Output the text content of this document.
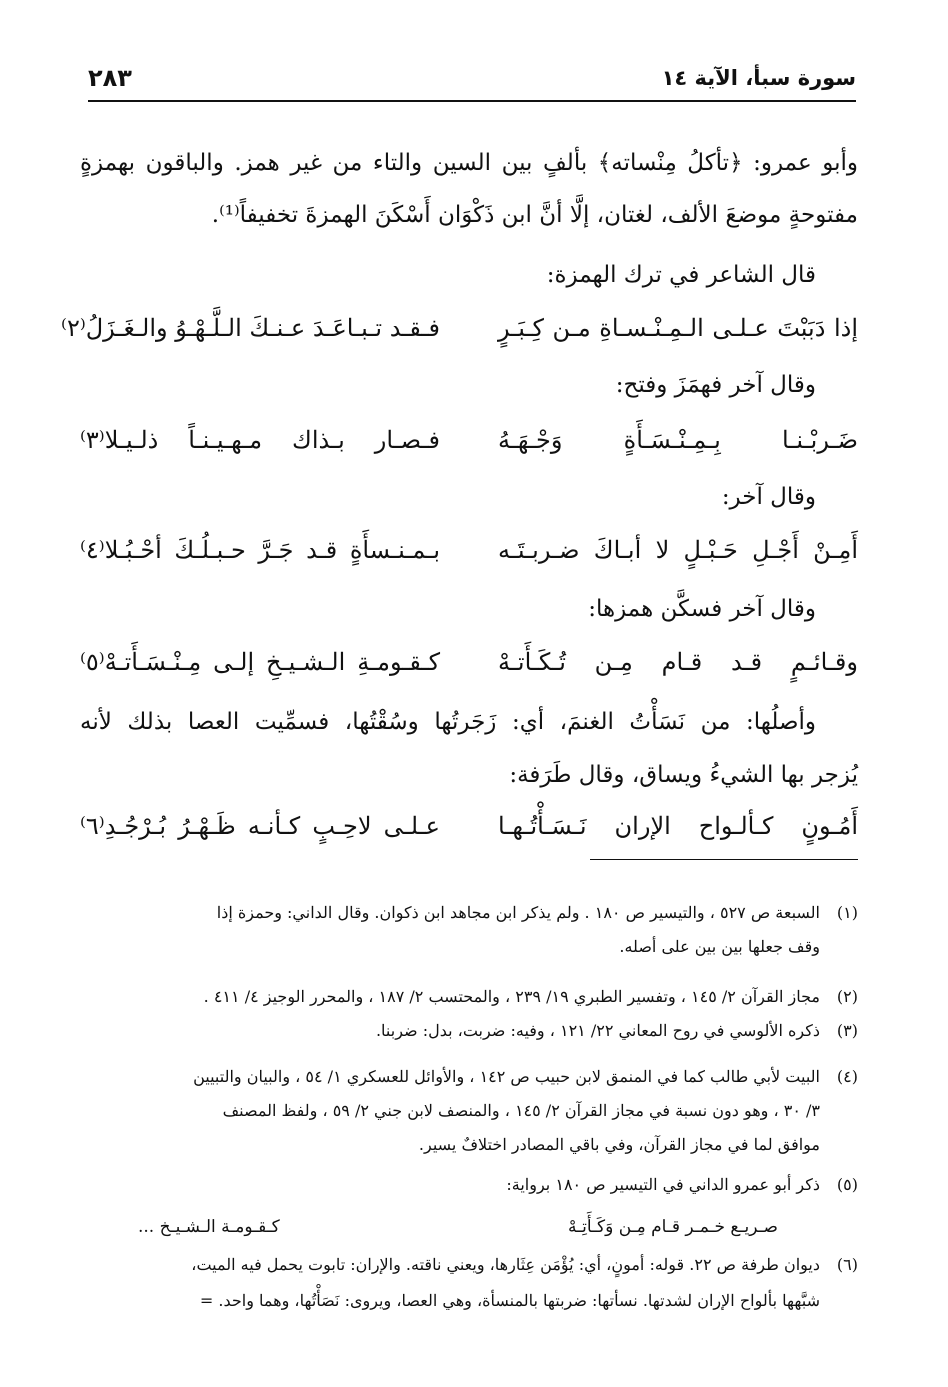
سورة سبأ، الآية ١٤
٢٨٣
وأبو عمرو: ﴿تأكلُ مِنْساته﴾ بألفٍ بين السين والتاء من غير همز. والباقون بهمزةٍ
مفتوحةٍ موضعَ الألف، لغتان، إلَّا أنَّ ابن ذَكْوَان أَسْكَنَ الهمزةَ تخفيفاً⁽¹⁾.
قال الشاعر في ترك الهمزة:
إذا دَبَبْتَ عـلـى الـمِـنْـسـاةِ مـن كِـبَـرٍ
فـقـد تـبـاعَـدَ عـنـكَ الـلَّـهْـوُ والـغَـزَلُ⁽٢⁾
وقال آخر فهمَزَ وفتح:
ضَـربْـنـا بِـمِـنْـسَـأَةٍ وَجْـهَـهُ
فـصـار بـذاك مـهـيـنـاً ذلـيـلا⁽٣⁾
وقال آخر:
أَمِـنْ أَجْـلِ حَـبْـلٍ لا أبـاكَ ضـربـتَـه
بـمـنـسأَةٍ قـد جَـرَّ حـبـلُـكَ أحْـبُـلا⁽٤⁾
وقال آخر فسكَّن همزها:
وقـائـمٍ قـد قـام مِـن تُـكَـأَتـهْ
كـقـومـةِ الـشـيـخِ إلـى مِـنْـسَـأَتـهْ⁽٥⁾
وأصلُها: من نَسَأْتُ الغنمَ، أي: زَجَرتُها وسُقْتُها، فسمِّيت العصا بذلك لأنه
يُزجر بها الشيءُ ويساق، وقال طَرَفة:
أَمُـونٍ كـألـواح الإران نَـسَـأْتُـهـا
عـلـى لاحِـبٍ كـأنـه ظَـهْـرُ بُـرْجُـدِ⁽٦⁾
(١)
السبعة ص ٥٢٧ ، والتيسير ص ١٨٠ . ولم يذكر ابن مجاهد ابن ذكوان. وقال الداني: وحمزة إذا
وقف جعلها بين بين على أصله.
(٢)
مجاز القرآن ٢/ ١٤٥ ، وتفسير الطبري ١٩/ ٢٣٩ ، والمحتسب ٢/ ١٨٧ ، والمحرر الوجيز ٤/ ٤١١ .
(٣)
ذكره الألوسي في روح المعاني ٢٢/ ١٢١ ، وفيه: ضربت، بدل: ضربنا.
(٤)
البيت لأبي طالب كما في المنمق لابن حبيب ص ١٤٢ ، والأوائل للعسكري ١/ ٥٤ ، والبيان والتبيين
٣/ ٣٠ ، وهو دون نسبة في مجاز القرآن ٢/ ١٤٥ ، والمنصف لابن جني ٢/ ٥٩ ، ولفظ المصنف
موافق لما في مجاز القرآن، وفي باقي المصادر اختلافٌ يسير.
(٥)
ذكر أبو عمرو الداني في التيسير ص ١٨٠ برواية:
صـريـع خـمـر قـام مِـن وَكَـأَتِـهْ
كـقـومـة الـشـيـخ ...
(٦)
ديوان طرفة ص ٢٢. قوله: أمونٍ، أي: يُؤْمَن عِثَارها، ويعني ناقته. والإران: تابوت يحمل فيه الميت،
شبَّهها بألواح الإران لشدتها. نسأتها: ضربتها بالمنسأة، وهي العصا، ويروى: نَصَأْتُها، وهما واحد. =
